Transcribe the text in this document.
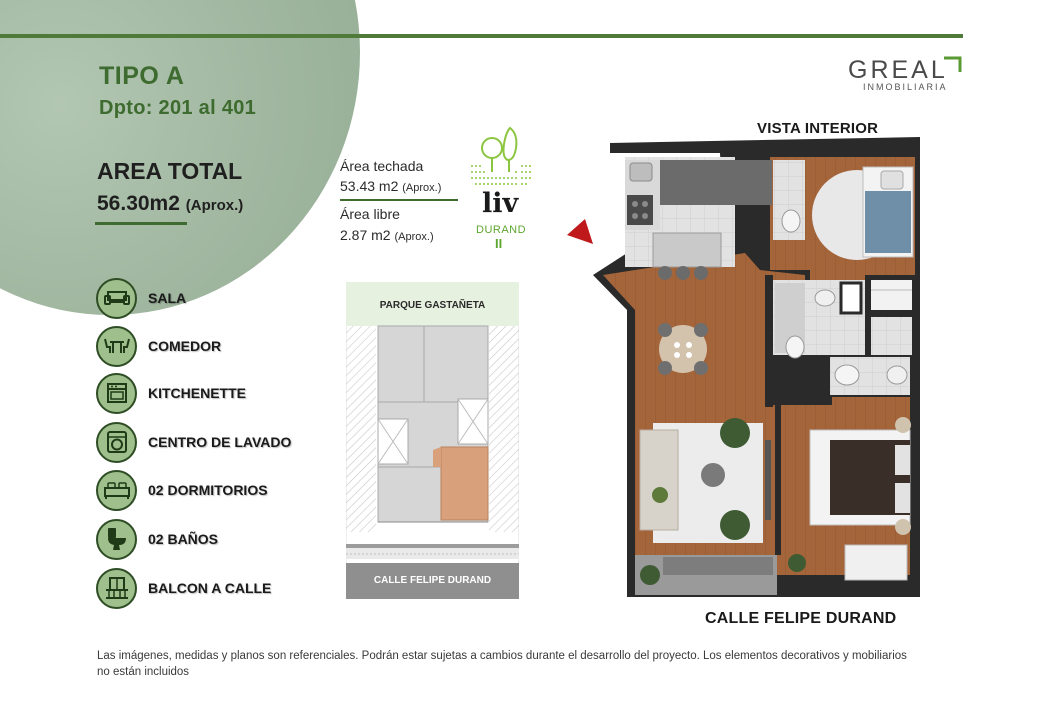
TIPO A
Dpto: 201 al 401
AREA TOTAL
56.30m2 (Aprox.)
SALA
COMEDOR
KITCHENETTE
CENTRO DE LAVADO
02 DORMITORIOS
02 BAÑOS
BALCON A CALLE
Área techada
53.43 m2 (Aprox.)
Área libre
2.87 m2 (Aprox.)
liv
DURAND
II
GREAL
INMOBILIARIA
PARQUE GASTAÑETA
CALLE FELIPE DURAND
VISTA INTERIOR
CALLE FELIPE DURAND
Las imágenes, medidas y planos son referenciales. Podrán estar sujetas a cambios durante el desarrollo del proyecto. Los elementos decorativos y mobiliarios no están incluidos
